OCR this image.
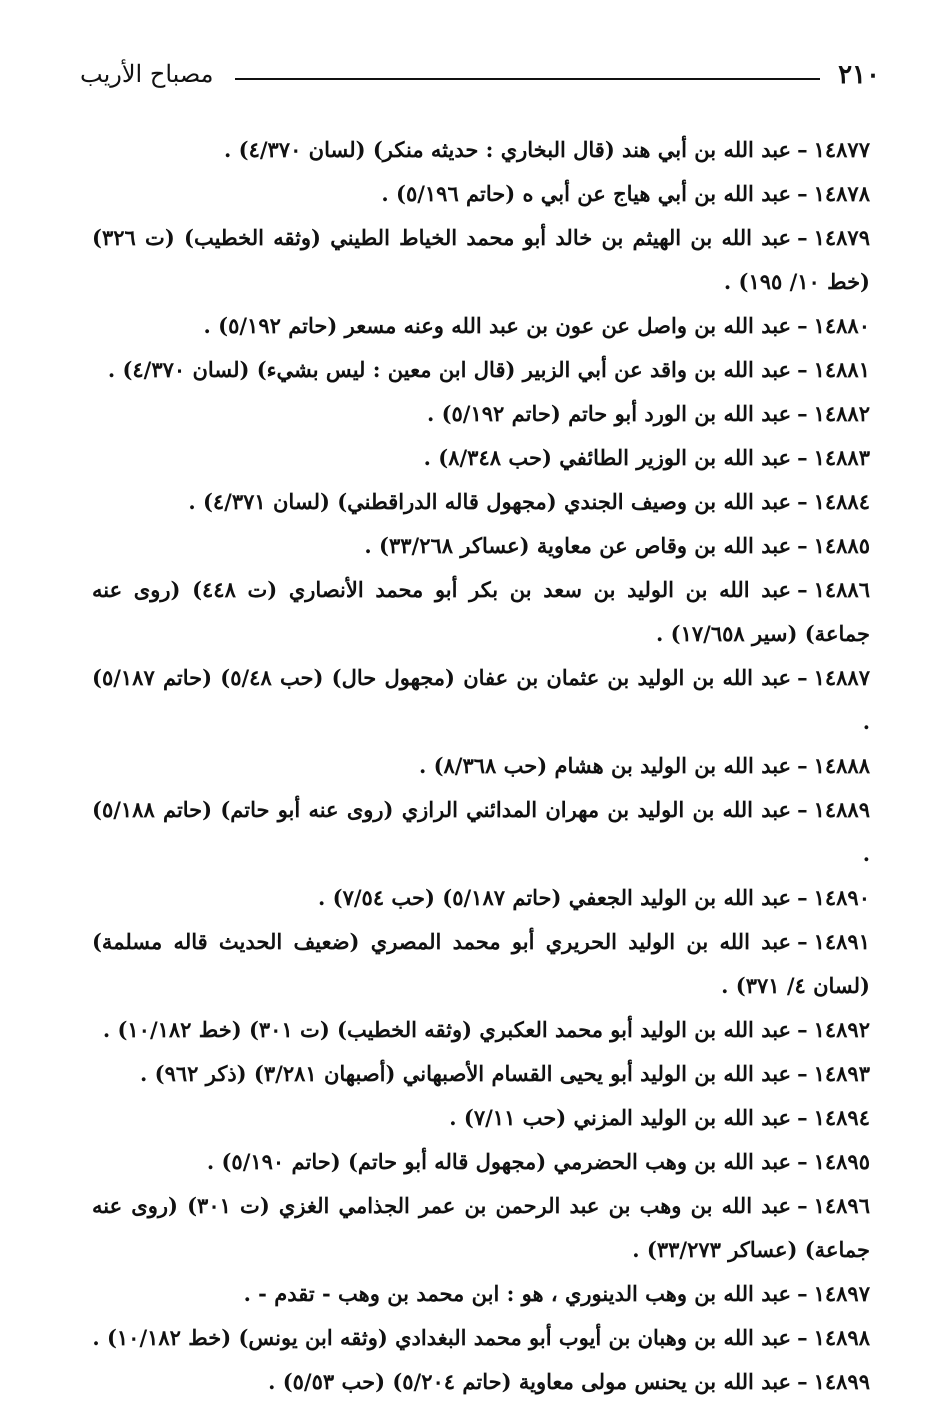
٢١٠
مصباح الأريب

١٤٨٧٧–عبد الله بن أبي هند (قال البخاري : حديثه منكر) (لسان ٤/٣٧٠) .

١٤٨٧٨–عبد الله بن أبي هياج عن أبي ه (حاتم ٥/١٩٦) .

١٤٨٧٩–عبد الله بن الهيثم بن خالد أبو محمد الخياط الطيني (وثقه الخطيب) (ت ٣٢٦) (خط ١٠/ ١٩٥) .

١٤٨٨٠–عبد الله بن واصل عن عون بن عبد الله وعنه مسعر (حاتم ٥/١٩٢) .

١٤٨٨١–عبد الله بن واقد عن أبي الزبير (قال ابن معين : ليس بشيء) (لسان ٤/٣٧٠) .

١٤٨٨٢–عبد الله بن الورد أبو حاتم (حاتم ٥/١٩٢) .

١٤٨٨٣–عبد الله بن الوزير الطائفي (حب ٨/٣٤٨) .

١٤٨٨٤–عبد الله بن وصيف الجندي (مجهول قاله الدراقطني) (لسان ٤/٣٧١) .

١٤٨٨٥–عبد الله بن وقاص عن معاوية (عساكر ٣٣/٢٦٨) .

١٤٨٨٦–عبد الله بن الوليد بن سعد بن بكر أبو محمد الأنصاري (ت ٤٤٨) (روى عنه جماعة) (سير ١٧/٦٥٨) .

١٤٨٨٧–عبد الله بن الوليد بن عثمان بن عفان (مجهول حال) (حب ٥/٤٨) (حاتم ٥/١٨٧) .

١٤٨٨٨–عبد الله بن الوليد بن هشام (حب ٨/٣٦٨) .

١٤٨٨٩–عبد الله بن الوليد بن مهران المدائني الرازي (روى عنه أبو حاتم) (حاتم ٥/١٨٨) .

١٤٨٩٠–عبد الله بن الوليد الجعفي (حاتم ٥/١٨٧) (حب ٧/٥٤) .

١٤٨٩١–عبد الله بن الوليد الحريري أبو محمد المصري (ضعيف الحديث قاله مسلمة) (لسان ٤/ ٣٧١) .

١٤٨٩٢–عبد الله بن الوليد أبو محمد العكبري (وثقه الخطيب) (ت ٣٠١) (خط ١٠/١٨٢) .

١٤٨٩٣–عبد الله بن الوليد أبو يحيى القسام الأصبهاني (أصبهان ٣/٢٨١) (ذكر ٩٦٢) .

١٤٨٩٤–عبد الله بن الوليد المزني (حب ٧/١١) .

١٤٨٩٥–عبد الله بن وهب الحضرمي (مجهول قاله أبو حاتم) (حاتم ٥/١٩٠) .

١٤٨٩٦–عبد الله بن وهب بن عبد الرحمن بن عمر الجذامي الغزي (ت ٣٠١) (روى عنه جماعة) (عساكر ٣٣/٢٧٣) .

١٤٨٩٧–عبد الله بن وهب الدينوري ، هو : ابن محمد بن وهب - تقدم - .

١٤٨٩٨–عبد الله بن وهبان بن أيوب أبو محمد البغدادي (وثقه ابن يونس) (خط ١٠/١٨٢) .

١٤٨٩٩–عبد الله بن يحنس مولى معاوية (حاتم ٥/٢٠٤) (حب ٥/٥٣) .
